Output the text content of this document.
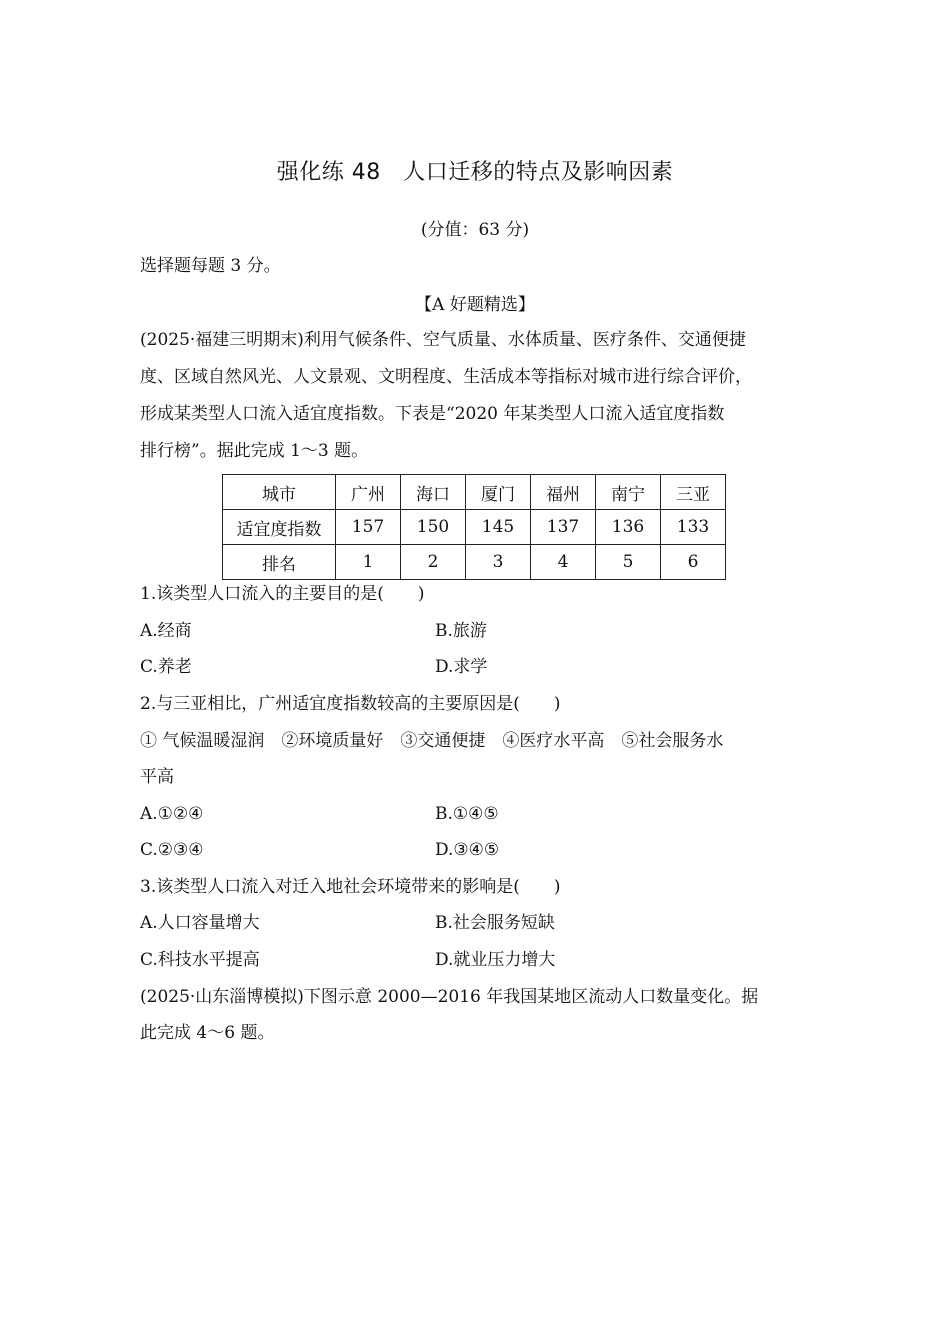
强化练 48　人口迁移的特点及影响因素
(分值：63 分)
选择题每题 3 分。
【A 好题精选】

(2025·福建三明期末)利用气候条件、空气质量、水体质量、医疗条件、交通便捷

度、区域自然风光、人文景观、文明程度、生活成本等指标对城市进行综合评价，

形成某类型人口流入适宜度指数。下表是“2020 年某类型人口流入适宜度指数

排行榜”。据此完成 1～3 题。

城市	广州	海口	厦门	福州	南宁	三亚
适宜度指数	157	150	145	137	136	133
排名	1	2	3	4	5	6
1.该类型人口流入的主要目的是(　　)
A.经商	B.旅游
C.养老	D.求学
2.与三亚相比，广州适宜度指数较高的主要原因是(　　)
① 气候温暖湿润　②环境质量好　③交通便捷　④医疗水平高　⑤社会服务水
平高
A.①②④	B.①④⑤
C.②③④	D.③④⑤
3.该类型人口流入对迁入地社会环境带来的影响是(　　)
A.人口容量增大	B.社会服务短缺
C.科技水平提高	D.就业压力增大
(2025·山东淄博模拟)下图示意 2000—2016 年我国某地区流动人口数量变化。据
此完成 4～6 题。
